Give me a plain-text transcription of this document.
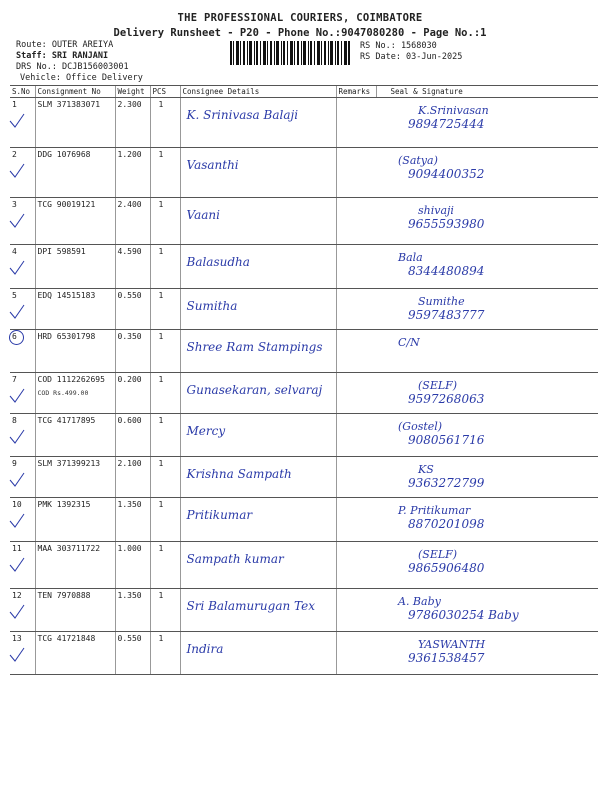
THE PROFESSIONAL COURIERS, COIMBATORE
Delivery Runsheet - P20 - Phone No.:9047080280 - Page No.:1
Route: OUTER AREIYA
Staff: SRI RANJANI
DRS No.: DCJB156003001
Vehicle: Office Delivery
RS No.: 1568030
RS Date: 03-Jun-2025
S.No	Consignment No	Weight	PCS	Consignee Details	Remarks	Seal & Signature

1	SLM 371383071	2.300	1	K. Srinivasa Balaji		K.Srinivasan
9894725444

2	DDG 1076968	1.200	1	Vasanthi		(Satya)
9094400352

3	TCG 90019121	2.400	1	Vaani		shivaji
9655593980

4	DPI 598591	4.590	1	Balasudha		Bala
8344480894

5	EDQ 14515183	0.550	1	Sumitha		Sumithe
9597483777

6	HRD 65301798	0.350	1	Shree Ram Stampings		C/N

7	COD 1112262695
COD Rs.499.00	0.200	1	Gunasekaran, selvaraj		(SELF)
9597268063

8	TCG 41717895	0.600	1	Mercy		(Gostel)
9080561716

9	SLM 371399213	2.100	1	Krishna Sampath		KS
9363272799

10	PMK 1392315	1.350	1	Pritikumar		P. Pritikumar
8870201098

11	MAA 303711722	1.000	1	Sampath kumar		(SELF)
9865906480

12	TEN 7970888	1.350	1	Sri Balamurugan Tex		A. Baby
9786030254 Baby

13	TCG 41721848	0.550	1	Indira		YASWANTH
9361538457
